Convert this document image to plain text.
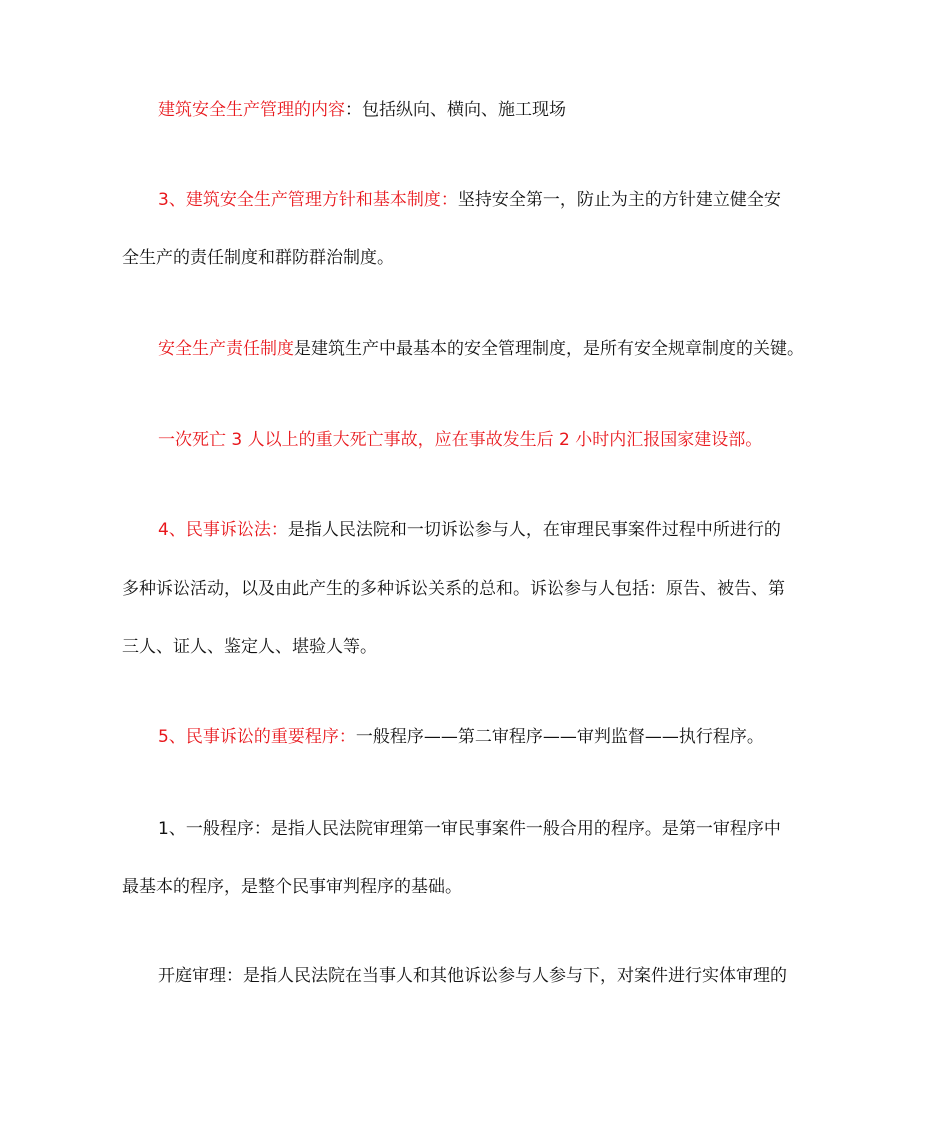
建筑安全生产管理的内容：包括纵向、横向、施工现场
3、建筑安全生产管理方针和基本制度：坚持安全第一，防止为主的方针建立健全安
全生产的责任制度和群防群治制度。
安全生产责任制度是建筑生产中最基本的安全管理制度，是所有安全规章制度的关键。
一次死亡 3 人以上的重大死亡事故，应在事故发生后 2 小时内汇报国家建设部。
4、民事诉讼法：是指人民法院和一切诉讼参与人，在审理民事案件过程中所进行的
多种诉讼活动，以及由此产生的多种诉讼关系的总和。诉讼参与人包括：原告、被告、第
三人、证人、鉴定人、堪验人等。
5、民事诉讼的重要程序：一般程序——第二审程序——审判监督——执行程序。
1、一般程序：是指人民法院审理第一审民事案件一般合用的程序。是第一审程序中
最基本的程序，是整个民事审判程序的基础。
开庭审理：是指人民法院在当事人和其他诉讼参与人参与下，对案件进行实体审理的
